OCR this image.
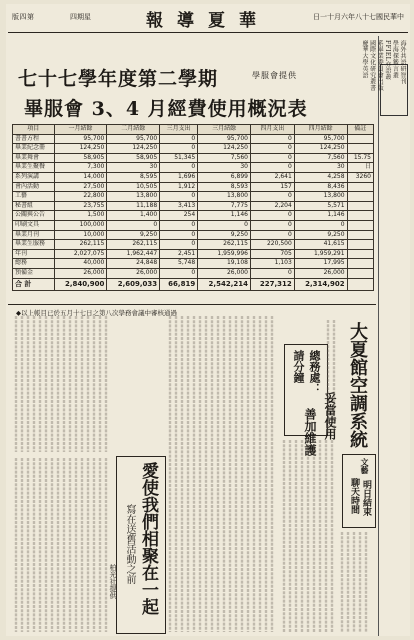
版四第	四期星	報導夏華	日一十月六年八十七國民華中
七十七學年度第二學期	學服會提供
畢服會 3、4 月經費使用概況表
項目	一月結餘	二月結餘	三月支出	三月結餘	四月支出	四月結餘	備註
書書方程	95,700	95,700	0	95,700	0	95,700	
畢業紀念冊	124,250	124,250	0	124,250	0	124,250	
畢業舞會	58,905	58,905	51,345	7,560	0	7,560	15.75
畢業生聚餐	7,300	30	0	30	0	30	日
系列演講	14,000	8,595	1,696	6,899	2,641	4,258	3260
會內活動	27,500	10,505	1,912	8,593	157	8,436	
工藝	22,800	13,800	0	13,800	0	13,800	
秘書組	23,755	11,188	3,413	7,775	2,204	5,571	
公關與公告	1,500	1,400	254	1,146	0	1,146	
印刷文具	100,000	0	0	0	0	0	
畢業月刊	10,000	9,250	0	9,250	0	9,250	
畢業生服務	262,115	262,115	0	262,115	220,500	41,615	
年刊	2,027,075	1,962,447	2,451	1,959,996	705	1,959,291	
總務	40,000	24,848	5,748	19,108	1,103	17,995	
預備金	26,000	26,000	0	26,000	0	26,000	
合 計	2,840,900	2,609,033	66,819	2,542,214	227,312	2,314,902	
◆以上帳目已於五月十七日之第八次學務會議中審核通過
海外共語研智刊
學海探鑑言叢
FFIEL亦語叢
系畢業委員會出版
國際文化研究叢書
慶華大學英語
愛使我們相聚在一起
寫在送舊活動之前
柏光社提供
大夏館空調系統
總務處：
請分鐘
妥當使用
善加維護
文藝
聊天時間 明日結束
